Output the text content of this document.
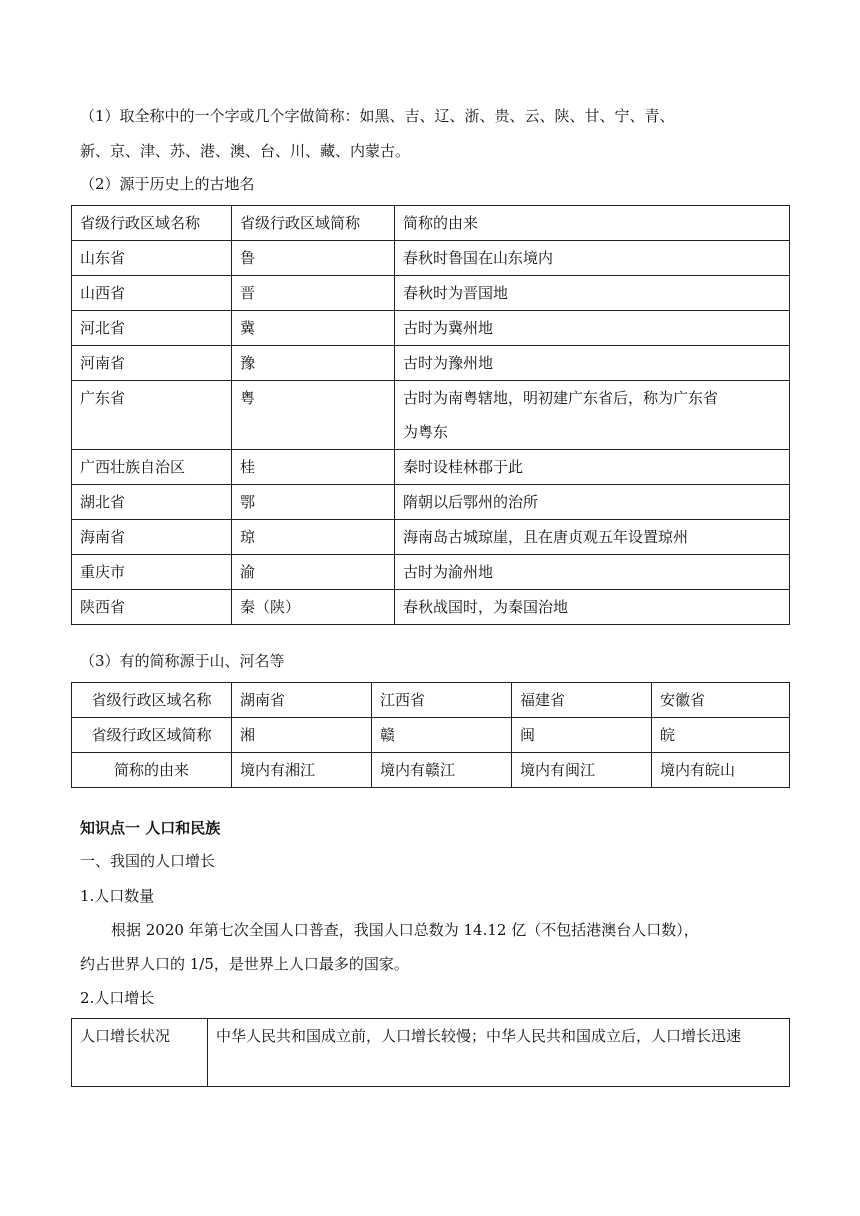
（1）取全称中的一个字或几个字做简称：如黑、吉、辽、浙、贵、云、陕、甘、宁、青、
新、京、津、苏、港、澳、台、川、藏、内蒙古。
（2）源于历史上的古地名
省级行政区域名称	省级行政区域简称	简称的由来
山东省	鲁	春秋时鲁国在山东境内
山西省	晋	春秋时为晋国地
河北省	冀	古时为冀州地
河南省	豫	古时为豫州地
广东省	粤	古时为南粤辖地，明初建广东省后，称为广东省
为粤东

广西壮族自治区	桂	秦时设桂林郡于此
湖北省	鄂	隋朝以后鄂州的治所
海南省	琼	海南岛古城琼崖，且在唐贞观五年设置琼州
重庆市	渝	古时为渝州地
陕西省	秦（陕）	春秋战国时，为秦国治地
（3）有的简称源于山、河名等
省级行政区域名称	湖南省	江西省	福建省	安徽省
省级行政区域简称	湘	赣	闽	皖
简称的由来	境内有湘江	境内有赣江	境内有闽江	境内有皖山
知识点一 人口和民族
一、我国的人口增长
1.人口数量
根据 2020 年第七次全国人口普查，我国人口总数为 14.12 亿（不包括港澳台人口数），
约占世界人口的 1/5，是世界上人口最多的国家。
2.人口增长
人口增长状况	中华人民共和国成立前，人口增长较慢；中华人民共和国成立后，人口增长迅速
